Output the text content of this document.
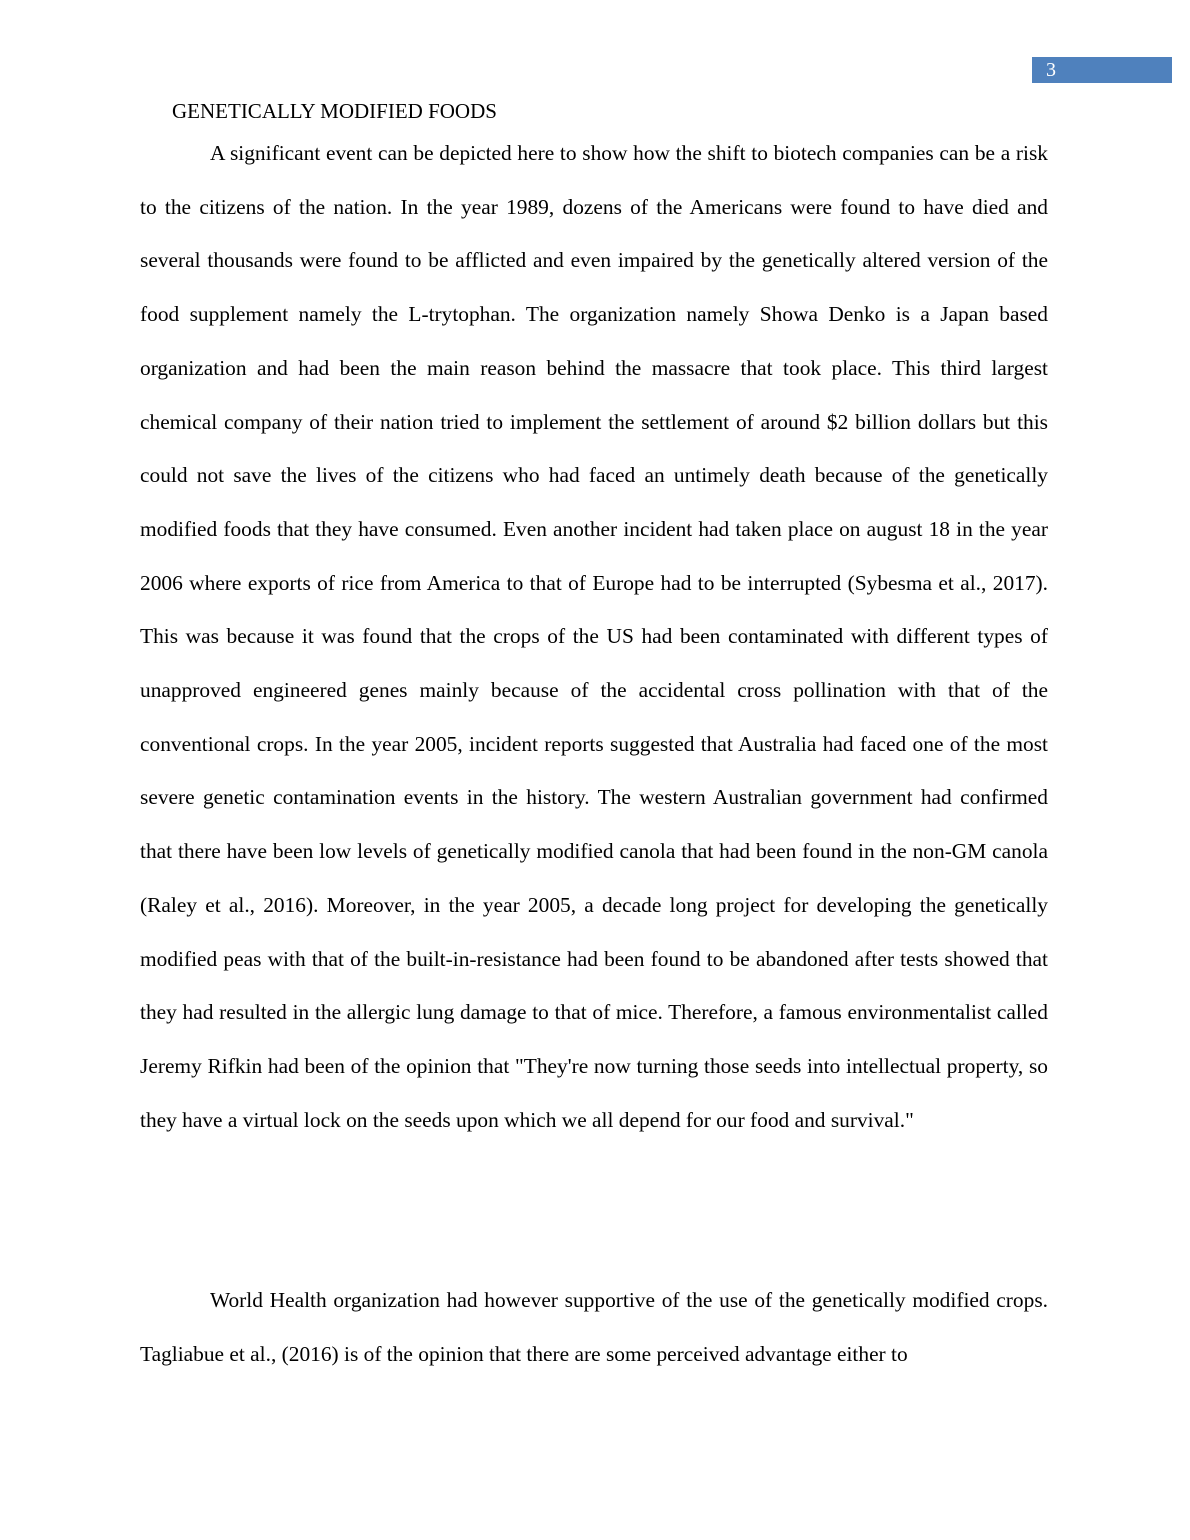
3
GENETICALLY MODIFIED FOODS

A significant event can be depicted here to show how the shift to biotech companies can be a risk to the citizens of the nation. In the year 1989, dozens of the Americans were found to have died and several thousands were found to be afflicted and even impaired by the genetically altered version of the food supplement namely the L-trytophan. The organization namely Showa Denko is a Japan based organization and had been the main reason behind the massacre that took place. This third largest chemical company of their nation tried to implement the settlement of around $2 billion dollars but this could not save the lives of the citizens who had faced an untimely death because of the genetically modified foods that they have consumed. Even another incident had taken place on august 18 in the year 2006 where exports of rice from America to that of Europe had to be interrupted (Sybesma et al., 2017). This was because it was found that the crops of the US had been contaminated with different types of unapproved engineered genes mainly because of the accidental cross pollination with that of the conventional crops. In the year 2005, incident reports suggested that Australia had faced one of the most severe genetic contamination events in the history. The western Australian government had confirmed that there have been low levels of genetically modified canola that had been found in the non-GM canola (Raley et al., 2016). Moreover, in the year 2005, a decade long project for developing the genetically modified peas with that of the built-in-resistance had been found to be abandoned after tests showed that they had resulted in the allergic lung damage to that of mice. Therefore, a famous environmentalist called Jeremy Rifkin had been of the opinion that "They're now turning those seeds into intellectual property, so they have a virtual lock on the seeds upon which we all depend for our food and survival."

World Health organization had however supportive of the use of the genetically modified crops. Tagliabue et al., (2016) is of the opinion that there are some perceived advantage either to
